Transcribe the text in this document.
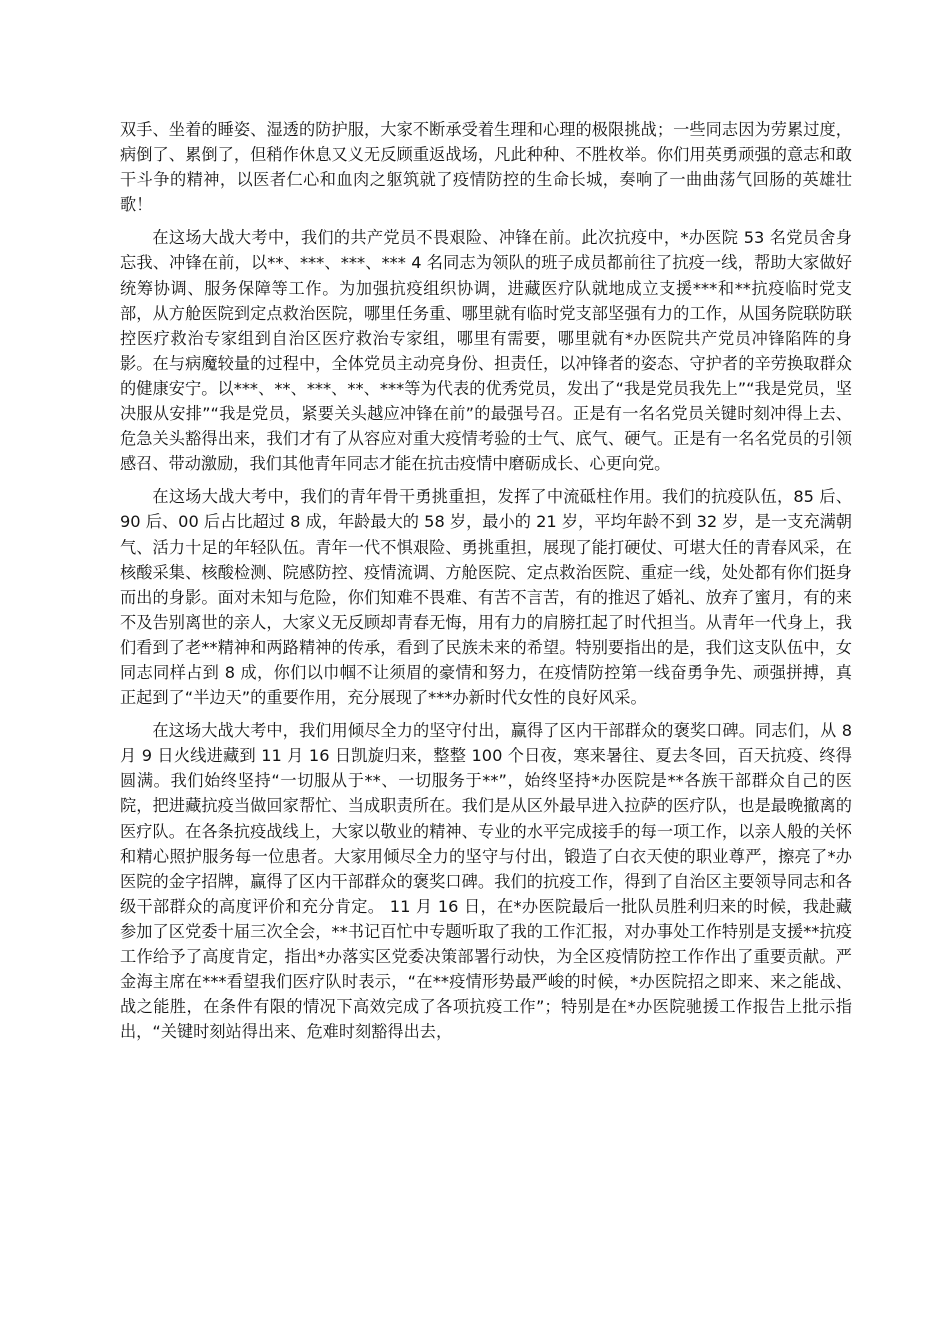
双手、坐着的睡姿、湿透的防护服，大家不断承受着生理和心理的极限挑战；一些同志因为劳累过度，病倒了、累倒了，但稍作休息又义无反顾重返战场，凡此种种、不胜枚举。你们用英勇顽强的意志和敢干斗争的精神，以医者仁心和血肉之躯筑就了疫情防控的生命长城，奏响了一曲曲荡气回肠的英雄壮歌！

在这场大战大考中，我们的共产党员不畏艰险、冲锋在前。此次抗疫中，*办医院 53 名党员舍身忘我、冲锋在前，以**、***、***、*** 4 名同志为领队的班子成员都前往了抗疫一线，帮助大家做好统筹协调、服务保障等工作。为加强抗疫组织协调，进藏医疗队就地成立支援***和**抗疫临时党支部，从方舱医院到定点救治医院，哪里任务重、哪里就有临时党支部坚强有力的工作，从国务院联防联控医疗救治专家组到自治区医疗救治专家组，哪里有需要，哪里就有*办医院共产党员冲锋陷阵的身影。在与病魔较量的过程中，全体党员主动亮身份、担责任，以冲锋者的姿态、守护者的辛劳换取群众的健康安宁。以***、**、***、**、***等为代表的优秀党员，发出了“我是党员我先上”“我是党员，坚决服从安排”“我是党员，紧要关头越应冲锋在前”的最强号召。正是有一名名党员关键时刻冲得上去、危急关头豁得出来，我们才有了从容应对重大疫情考验的士气、底气、硬气。正是有一名名党员的引领感召、带动激励，我们其他青年同志才能在抗击疫情中磨砺成长、心更向党。

在这场大战大考中，我们的青年骨干勇挑重担，发挥了中流砥柱作用。我们的抗疫队伍，85 后、90 后、00 后占比超过 8 成，年龄最大的 58 岁，最小的 21 岁，平均年龄不到 32 岁，是一支充满朝气、活力十足的年轻队伍。青年一代不惧艰险、勇挑重担，展现了能打硬仗、可堪大任的青春风采，在核酸采集、核酸检测、院感防控、疫情流调、方舱医院、定点救治医院、重症一线，处处都有你们挺身而出的身影。面对未知与危险，你们知难不畏难、有苦不言苦，有的推迟了婚礼、放弃了蜜月，有的来不及告别离世的亲人，大家义无反顾却青春无悔，用有力的肩膀扛起了时代担当。从青年一代身上，我们看到了老**精神和两路精神的传承，看到了民族未来的希望。特别要指出的是，我们这支队伍中，女同志同样占到 8 成，你们以巾帼不让须眉的豪情和努力，在疫情防控第一线奋勇争先、顽强拼搏，真正起到了“半边天”的重要作用，充分展现了***办新时代女性的良好风采。

在这场大战大考中，我们用倾尽全力的坚守付出，赢得了区内干部群众的褒奖口碑。同志们，从 8 月 9 日火线进藏到 11 月 16 日凯旋归来，整整 100 个日夜，寒来暑往、夏去冬回，百天抗疫、终得圆满。我们始终坚持“一切服从于**、一切服务于**”，始终坚持*办医院是**各族干部群众自己的医院，把进藏抗疫当做回家帮忙、当成职责所在。我们是从区外最早进入拉萨的医疗队，也是最晚撤离的医疗队。在各条抗疫战线上，大家以敬业的精神、专业的水平完成接手的每一项工作，以亲人般的关怀和精心照护服务每一位患者。大家用倾尽全力的坚守与付出，锻造了白衣天使的职业尊严，擦亮了*办医院的金字招牌，赢得了区内干部群众的褒奖口碑。我们的抗疫工作，得到了自治区主要领导同志和各级干部群众的高度评价和充分肯定。 11 月 16 日，在*办医院最后一批队员胜利归来的时候，我赴藏参加了区党委十届三次全会，**书记百忙中专题听取了我的工作汇报，对办事处工作特别是支援**抗疫工作给予了高度肯定，指出*办落实区党委决策部署行动快，为全区疫情防控工作作出了重要贡献。严金海主席在***看望我们医疗队时表示，“在**疫情形势最严峻的时候，*办医院招之即来、来之能战、战之能胜，在条件有限的情况下高效完成了各项抗疫工作”；特别是在*办医院驰援工作报告上批示指出，“关键时刻站得出来、危难时刻豁得出去，
